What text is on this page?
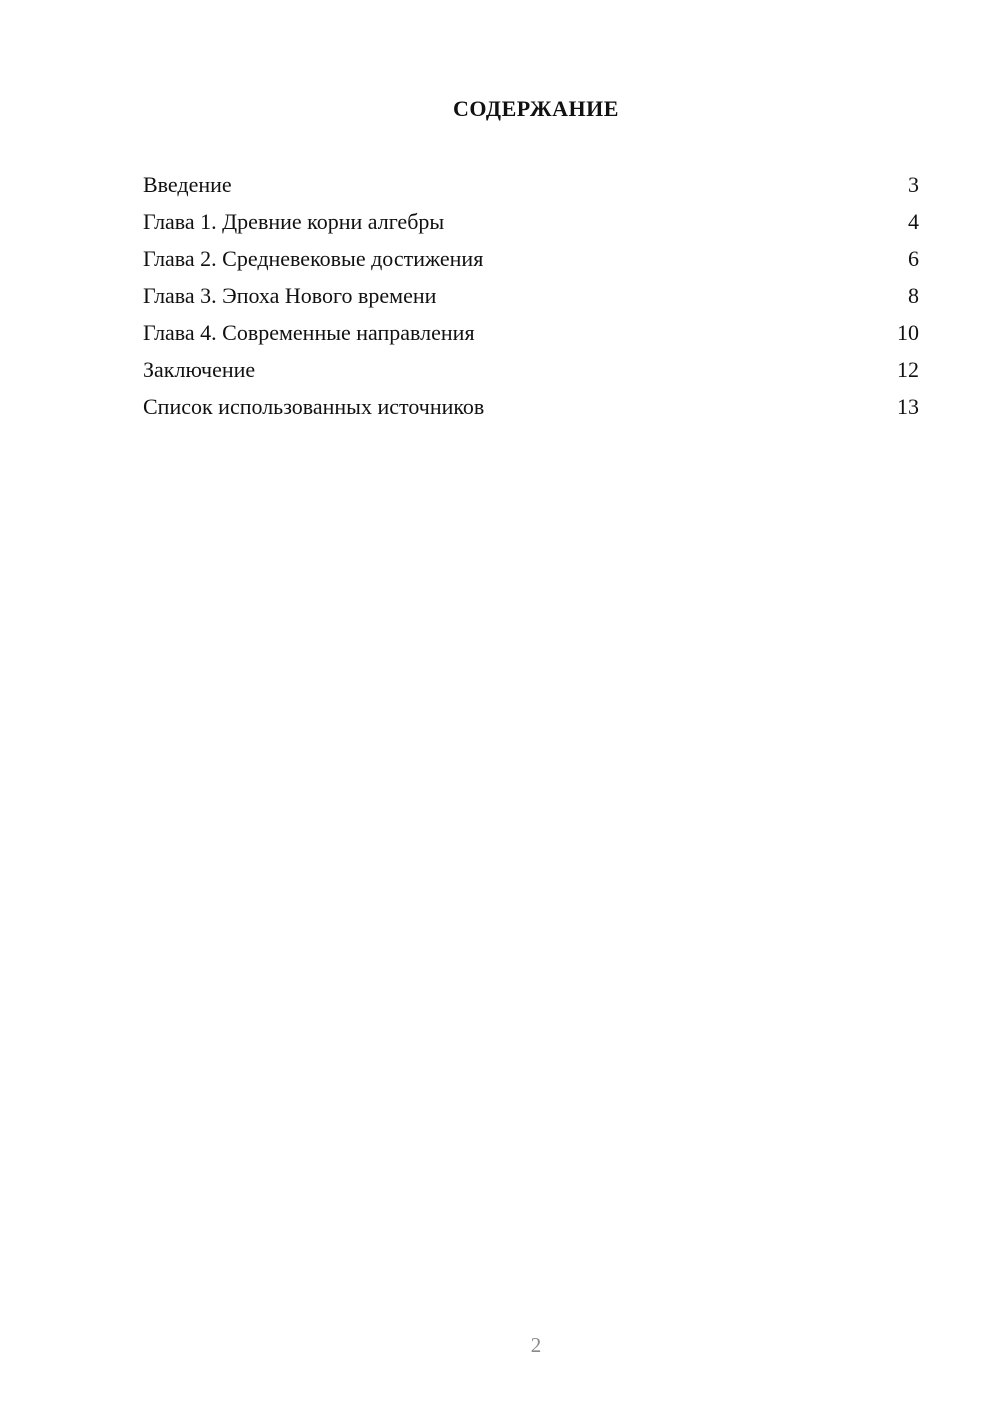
СОДЕРЖАНИЕ
Введение	3
Глава 1. Древние корни алгебры	4
Глава 2. Средневековые достижения	6
Глава 3. Эпоха Нового времени	8
Глава 4. Современные направления	10
Заключение	12
Список использованных источников	13
2
